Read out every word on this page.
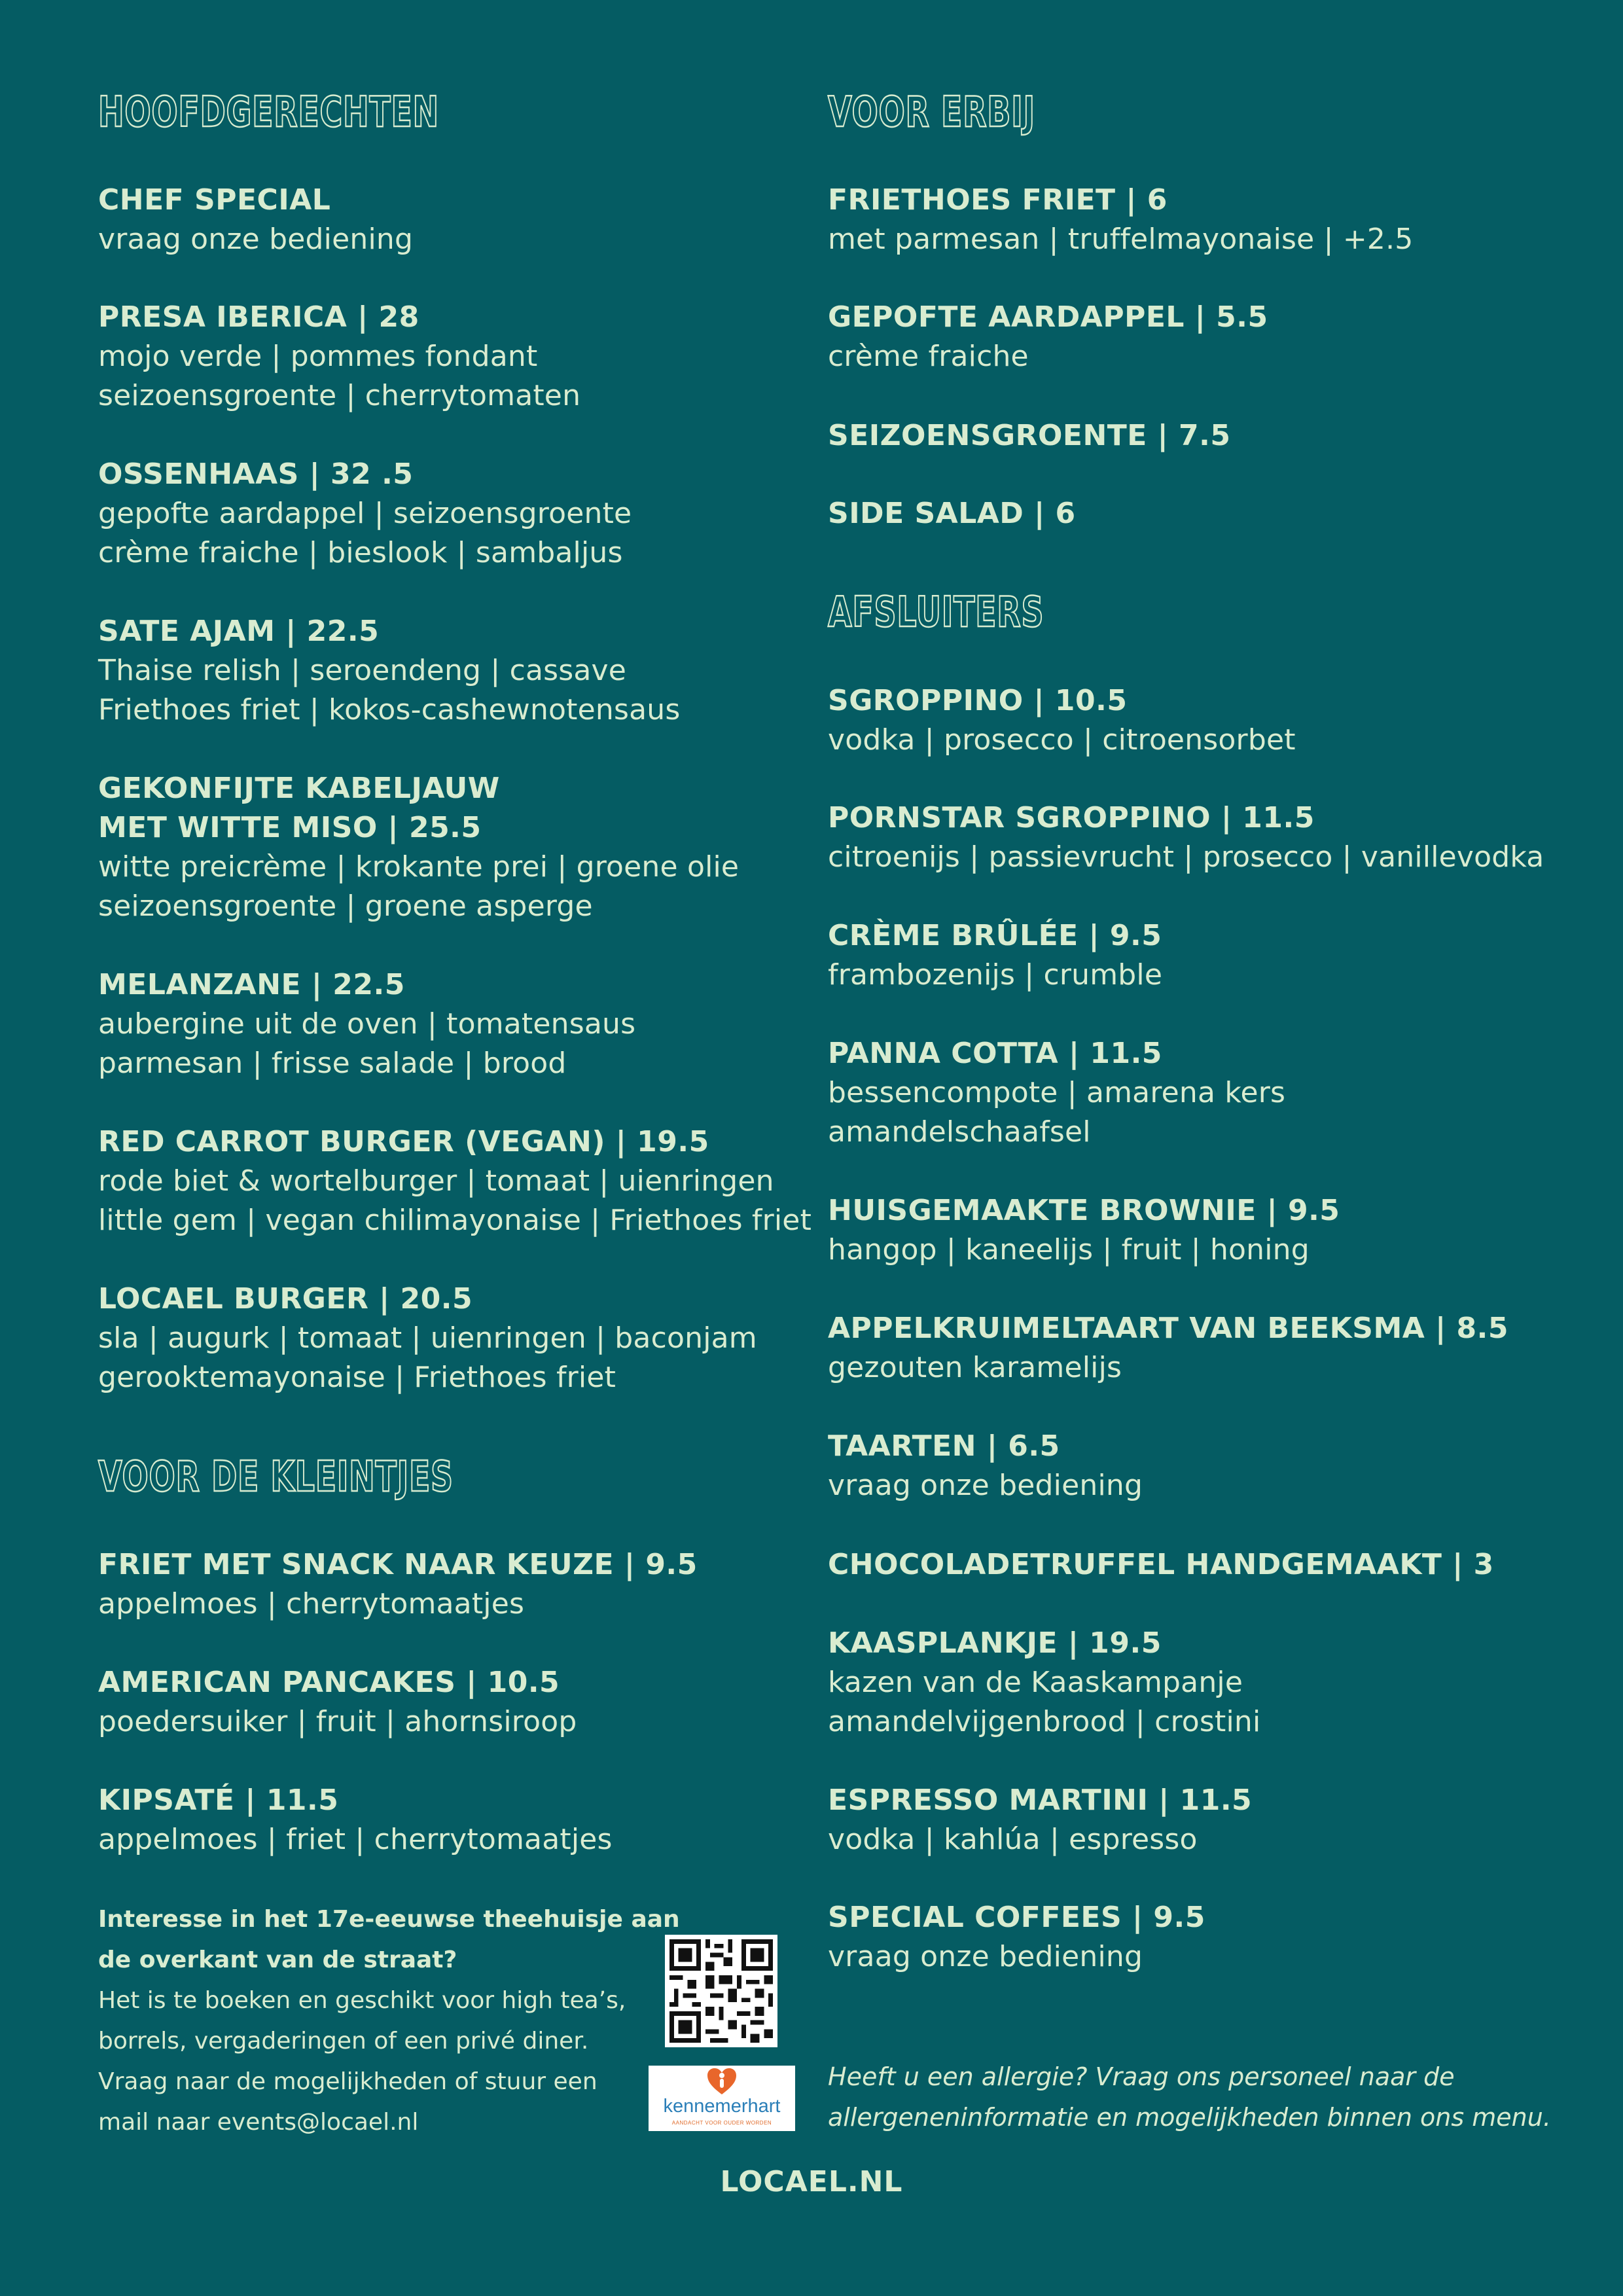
HOOFDGERECHTEN
CHEF SPECIAL
vraag onze bediening
PRESA IBERICA | 28
mojo verde | pommes fondant
seizoensgroente | cherrytomaten
OSSENHAAS | 32 .5
gepofte aardappel | seizoensgroente
crème fraiche | bieslook | sambaljus
SATE AJAM | 22.5
Thaise relish | seroendeng | cassave
Friethoes friet | kokos-cashewnotensaus
GEKONFIJTE KABELJAUW
MET WITTE MISO | 25.5
witte preicrème | krokante prei | groene olie
seizoensgroente | groene asperge
MELANZANE | 22.5
aubergine uit de oven | tomatensaus
parmesan | frisse salade | brood
RED CARROT BURGER (VEGAN) | 19.5
rode biet & wortelburger | tomaat | uienringen
little gem | vegan chilimayonaise | Friethoes friet
LOCAEL BURGER | 20.5
sla | augurk | tomaat | uienringen | baconjam
gerooktemayonaise | Friethoes friet
VOOR DE KLEINTJES
FRIET MET SNACK NAAR KEUZE | 9.5
appelmoes | cherrytomaatjes
AMERICAN PANCAKES | 10.5
poedersuiker | fruit | ahornsiroop
KIPSATÉ | 11.5
appelmoes | friet | cherrytomaatjes
VOOR ERBIJ
FRIETHOES FRIET | 6
met parmesan | truffelmayonaise | +2.5
GEPOFTE AARDAPPEL | 5.5
crème fraiche
SEIZOENSGROENTE | 7.5
SIDE SALAD | 6
AFSLUITERS
SGROPPINO | 10.5
vodka | prosecco | citroensorbet
PORNSTAR SGROPPINO | 11.5
citroenijs | passievrucht | prosecco | vanillevodka
CRÈME BRÛLÉE | 9.5
frambozenijs | crumble
PANNA COTTA | 11.5
bessencompote | amarena kers
amandelschaafsel
HUISGEMAAKTE BROWNIE | 9.5
hangop | kaneelijs | fruit | honing
APPELKRUIMELTAART VAN BEEKSMA | 8.5
gezouten karamelijs
TAARTEN | 6.5
vraag onze bediening
CHOCOLADETRUFFEL HANDGEMAAKT | 3
KAASPLANKJE | 19.5
kazen van de Kaaskampanje
amandelvijgenbrood | crostini
ESPRESSO MARTINI | 11.5
vodka | kahlúa | espresso
SPECIAL COFFEES | 9.5
vraag onze bediening
Interesse in het 17e-eeuwse theehuisje aan
de overkant van de straat?
Het is te boeken en geschikt voor high tea’s,
borrels, vergaderingen of een privé diner.
Vraag naar de mogelijkheden of stuur een
mail naar events@locael.nl
kennemerhart
AANDACHT VOOR OUDER WORDEN
Heeft u een allergie? Vraag ons personeel naar de
allergeneninformatie en mogelijkheden binnen ons menu.
LOCAEL.NL
